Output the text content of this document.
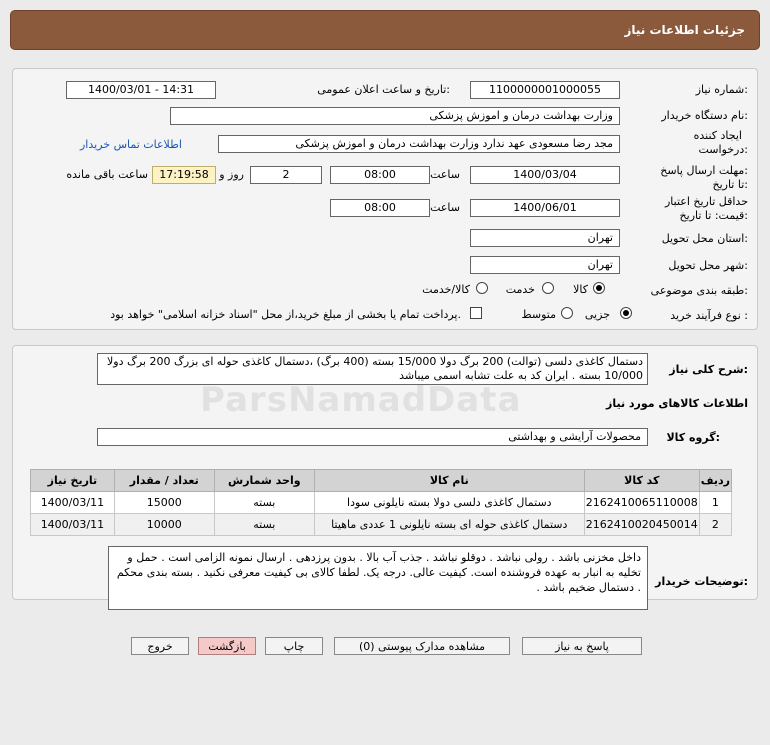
جزئیات اطلاعات نیاز
شماره نیاز:
1100000001000055
تاریخ و ساعت اعلان عمومی:
1400/03/01 - 14:31
نام دستگاه خریدار:
وزارت بهداشت درمان و اموزش پزشکی
ایجاد کننده
درخواست:
مجد رضا مسعودی عهد ندارد وزارت بهداشت درمان و اموزش پزشکی
اطلاعات تماس خریدار
مهلت ارسال پاسخ:
تا تاریخ:
1400/03/04
ساعت
08:00
2
روز و
17:19:58
ساعت باقی مانده
حداقل تاریخ اعتبار
قیمت: تا تاریخ:
1400/06/01
ساعت
08:00
استان محل تحویل:
تهران
شهر محل تحویل:
تهران
طبقه بندی موضوعی:
کالا
خدمت
کالا/خدمت
نوع فرآیند خرید :
جزیی
متوسط
پرداخت تمام یا بخشی از مبلغ خرید،از محل "اسناد خزانه اسلامی" خواهد بود.
شرح کلی نیاز:
دستمال کاغذی دلسی (توالت) 200 برگ دولا 15/000 بسته (400 برگ) ،دستمال کاغذی حوله ای بزرگ 200 برگ دولا 10/000 بسته . ایران کد به علت تشابه اسمی میباشد
اطلاعات کالاهای مورد نیاز
ParsNamadData
گروه کالا:
محصولات آرایشی و بهداشتی
ردیف	کد کالا	نام کالا	واحد شمارش	تعداد / مقدار	تاریخ نیاز
1	2162410065110008	دستمال کاغذی دلسی دولا بسته نایلونی سودا	بسته	15000	1400/03/11
2	2162410020450014	دستمال کاغذی حوله ای بسته نایلونی 1 عددی ماهیتا	بسته	10000	1400/03/11
توضیحات خریدار:
داخل مخزنی باشد . رولی نباشد . دوقلو نباشد . جذب آب بالا . بدون پرزدهی . ارسال نمونه الزامی است . حمل و تخلیه به انبار به عهده فروشنده است. کیفیت عالی. درجه یک. لطفا کالای بی کیفیت معرفی نکنید . بسته بندی محکم . دستمال ضخیم باشد .
پاسخ به نیاز
مشاهده مدارک پیوستی (0)
چاپ
بازگشت
خروج
